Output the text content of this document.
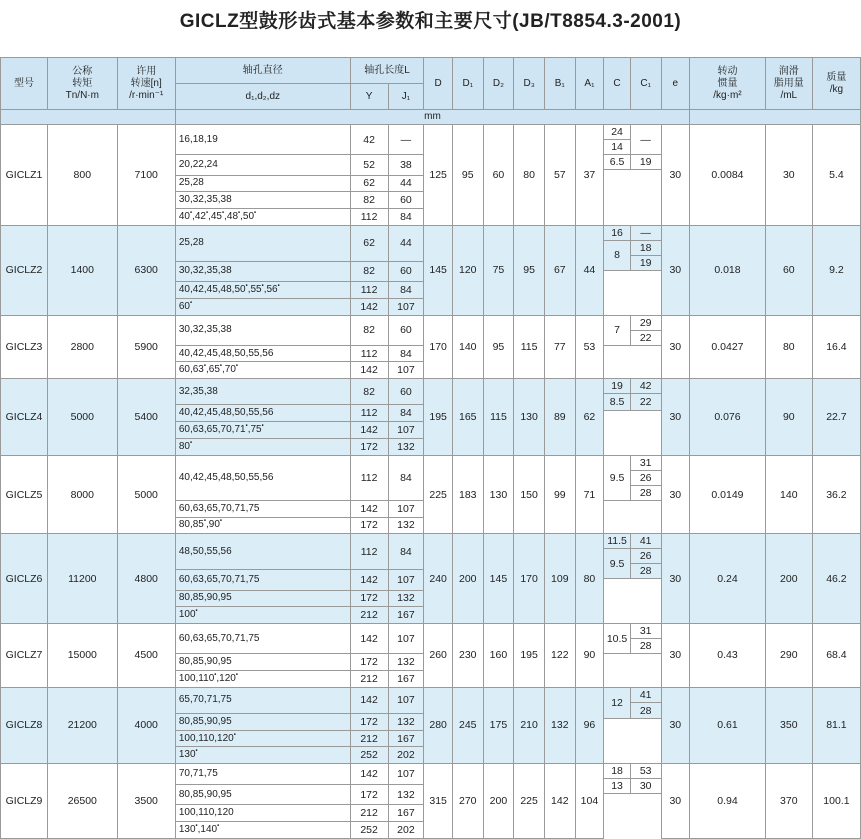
GICLZ型鼓形齿式基本参数和主要尺寸(JB/T8854.3-2001)
型号	公称
转矩
Tn/N·m	许用
转速[n]
/r·min⁻¹	轴孔直径	轴孔长度L		D	D₁	D₂	D₃	B₁	A₁	C	C₁	e	转动
惯量
/kg·m²	润滑
脂用量
/mL	质量
/kg
			d₁,d₂,dz	Y	J₁												
			mm														
GICLZ1	800	7100	16,18,19	42	—	125	95	60	80	57	37	24	—	30	0.0084	30	5.4

												14					
			20,22,24	52	38							6.5	19				

			25,28	62	44												

			30,32,35,38	82	60												

			40•,42•,45•,48•,50•	112	84												

GICLZ2	1400	6300	25,28	62	44	145	120	75	95	67	44	16	—	30	0.018	60	9.2
												8	18				
													19				
			30,32,35,38	82	60												

			40,42,45,48,50•,55•,56•	112	84												

			60•	142	107												

GICLZ3	2800	5900	30,32,35,38	82	60	170	140	95	115	77	53	7	29	30	0.0427	80	16.4
													22				

			40,42,45,48,50,55,56	112	84												

			60,63•,65•,70•	142	107												

GICLZ4	5000	5400	32,35,38	82	60	195	165	115	130	89	62	19	42	30	0.076	90	22.7
												8.5	22				

			40,42,45,48,50,55,56	112	84												

			60,63,65,70,71•,75•	142	107												

			80•	172	132												

GICLZ5	8000	5000	40,42,45,48,50,55,56	112	84	225	183	130	150	99	71	9.5	31	30	0.0149	140	36.2
													26				
													28				
			60,63,65,70,71,75	142	107												

			80,85•,90•	172	132												

GICLZ6	11200	4800	48,50,55,56	112	84	240	200	145	170	109	80	11.5	41	30	0.24	200	46.2
												9.5	26				
													28				
			60,63,65,70,71,75	142	107												

			80,85,90,95	172	132												

			100•	212	167												

GICLZ7	15000	4500	60,63,65,70,71,75	142	107	260	230	160	195	122	90	10.5	31	30	0.43	290	68.4
													28				

			80,85,90,95	172	132												

			100,110•,120•	212	167												

GICLZ8	21200	4000	65,70,71,75	142	107	280	245	175	210	132	96	12	41	30	0.61	350	81.1
													28				

			80,85,90,95	172	132												

			100,110,120•	212	167												

			130•	252	202												

GICLZ9	26500	3500	70,71,75	142	107	315	270	200	225	142	104	18	53	30	0.94	370	100.1

												13	30				
			80,85,90,95	172	132												

			100,110,120	212	167												

			130•,140•	252	202												
